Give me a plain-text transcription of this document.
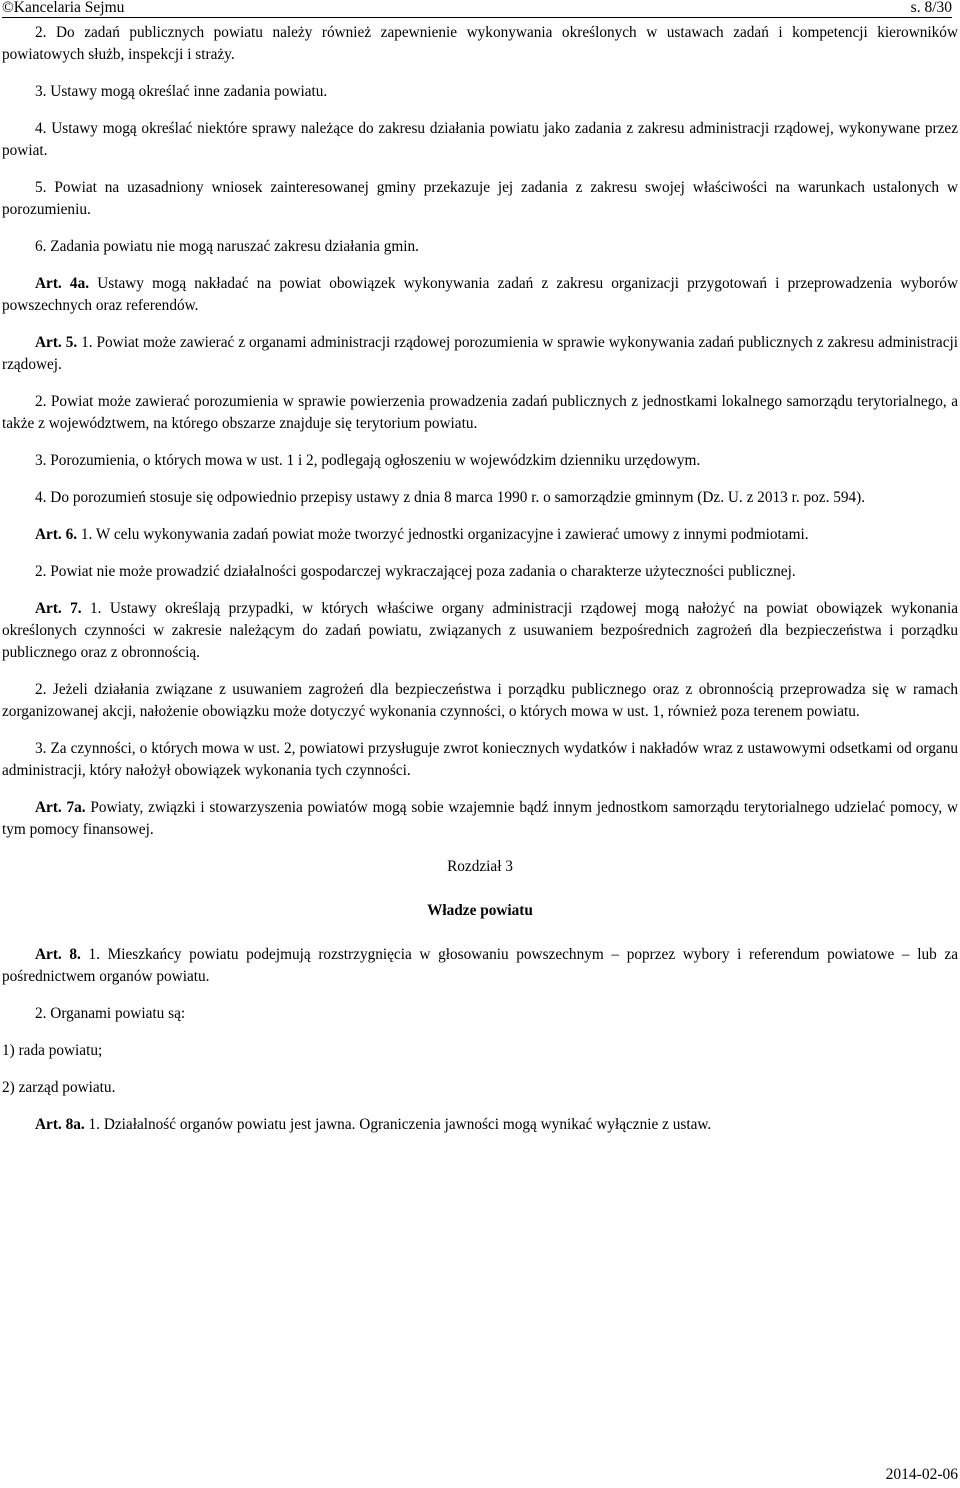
©Kancelaria Sejmu	s. 8/30

2. Do zadań publicznych powiatu należy również zapewnienie wykonywania określonych w ustawach zadań i kompetencji kierowników powiatowych służb, inspekcji i straży.

3. Ustawy mogą określać inne zadania powiatu.

4. Ustawy mogą określać niektóre sprawy należące do zakresu działania powiatu jako zadania z zakresu administracji rządowej, wykonywane przez powiat.

5. Powiat na uzasadniony wniosek zainteresowanej gminy przekazuje jej zadania z zakresu swojej właściwości na warunkach ustalonych w porozumieniu.

6. Zadania powiatu nie mogą naruszać zakresu działania gmin.

Art. 4a. Ustawy mogą nakładać na powiat obowiązek wykonywania zadań z zakresu organizacji przygotowań i przeprowadzenia wyborów powszechnych oraz referendów.

Art. 5. 1. Powiat może zawierać z organami administracji rządowej porozumienia w sprawie wykonywania zadań publicznych z zakresu administracji rządowej.

2. Powiat może zawierać porozumienia w sprawie powierzenia prowadzenia zadań publicznych z jednostkami lokalnego samorządu terytorialnego, a także z województwem, na którego obszarze znajduje się terytorium powiatu.

3. Porozumienia, o których mowa w ust. 1 i 2, podlegają ogłoszeniu w wojewódzkim dzienniku urzędowym.

4. Do porozumień stosuje się odpowiednio przepisy ustawy z dnia 8 marca 1990 r. o samorządzie gminnym (Dz. U. z 2013 r. poz. 594).

Art. 6. 1. W celu wykonywania zadań powiat może tworzyć jednostki organizacyjne i zawierać umowy z innymi podmiotami.

2. Powiat nie może prowadzić działalności gospodarczej wykraczającej poza zadania o charakterze użyteczności publicznej.

Art. 7. 1. Ustawy określają przypadki, w których właściwe organy administracji rządowej mogą nałożyć na powiat obowiązek wykonania określonych czynności w zakresie należącym do zadań powiatu, związanych z usuwaniem bezpośrednich zagrożeń dla bezpieczeństwa i porządku publicznego oraz z obronnością.

2. Jeżeli działania związane z usuwaniem zagrożeń dla bezpieczeństwa i porządku publicznego oraz z obronnością przeprowadza się w ramach zorganizowanej akcji, nałożenie obowiązku może dotyczyć wykonania czynności, o których mowa w ust. 1, również poza terenem powiatu.

3. Za czynności, o których mowa w ust. 2, powiatowi przysługuje zwrot koniecznych wydatków i nakładów wraz z ustawowymi odsetkami od organu administracji, który nałożył obowiązek wykonania tych czynności.

Art. 7a. Powiaty, związki i stowarzyszenia powiatów mogą sobie wzajemnie bądź innym jednostkom samorządu terytorialnego udzielać pomocy, w tym pomocy finansowej.

Rozdział 3

Władze powiatu

Art. 8. 1. Mieszkańcy powiatu podejmują rozstrzygnięcia w głosowaniu powszechnym – poprzez wybory i referendum powiatowe – lub za pośrednictwem organów powiatu.

2. Organami powiatu są:

1) rada powiatu;

2) zarząd powiatu.

Art. 8a. 1. Działalność organów powiatu jest jawna. Ograniczenia jawności mogą wynikać wyłącznie z ustaw.

2014-02-06
